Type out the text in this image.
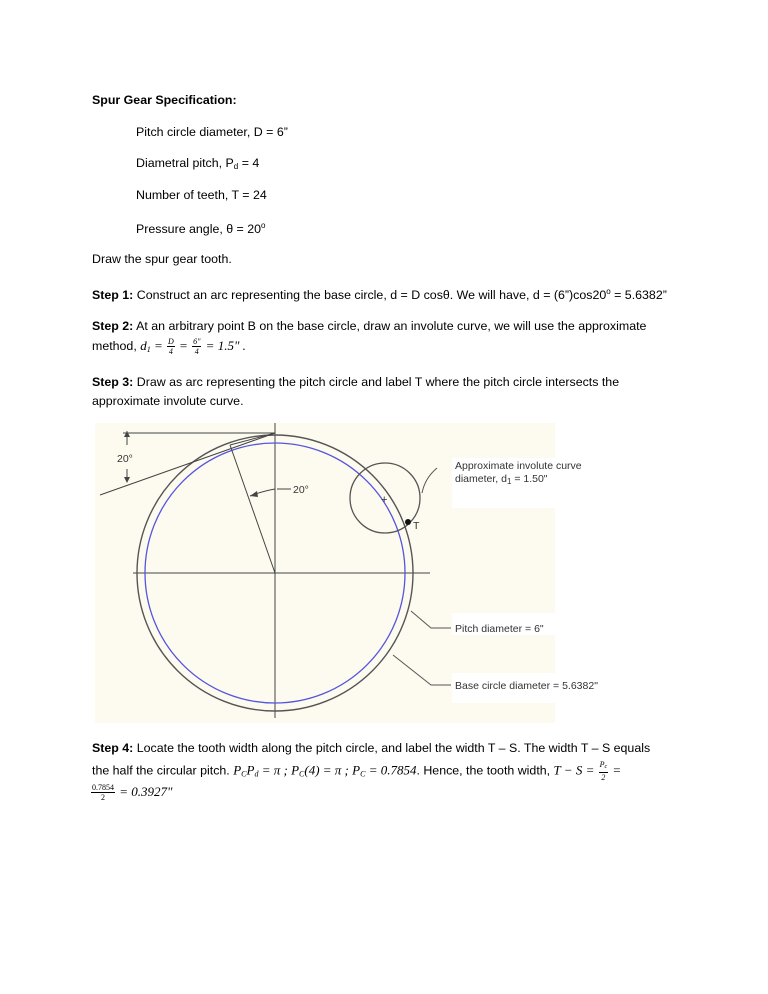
Spur Gear Specification:
Pitch circle diameter, D = 6”
Diametral pitch, $P_d = 4$
Number of teeth, T = 24
Pressure angle, $\theta = 20^o$
Draw the spur gear tooth.
Step 1: Construct an arc representing the base circle, d = D cosθ. We will have, $d = (6”)\cos 20^o = 5.6382$”
Step 2: At an arbitrary point B on the base circle, draw an involute curve, we will use the approximate
method, $d_1 = \frac{D}{4} = \frac{6"}{4} = 1.5$" .
Step 3: Draw as arc representing the pitch circle and label T where the pitch circle intersects the
approximate involute curve.
20°
20°
+
T
Approximate involute curve
diameter, d1 = 1.50"
Pitch diameter = 6"
Base circle diameter = 5.6382"
Step 4: Locate the tooth width along the pitch circle, and label the width T – S. The width T – S equals
the half the circular pitch. $P_CP_d = \pi$ ; $P_C(4) = \pi$ ; $P_C = 0.7854$. Hence, the tooth width, $T - S = \frac{Pc}{2}$ =
$\frac{0.7854}{2} = 0.3927$"
